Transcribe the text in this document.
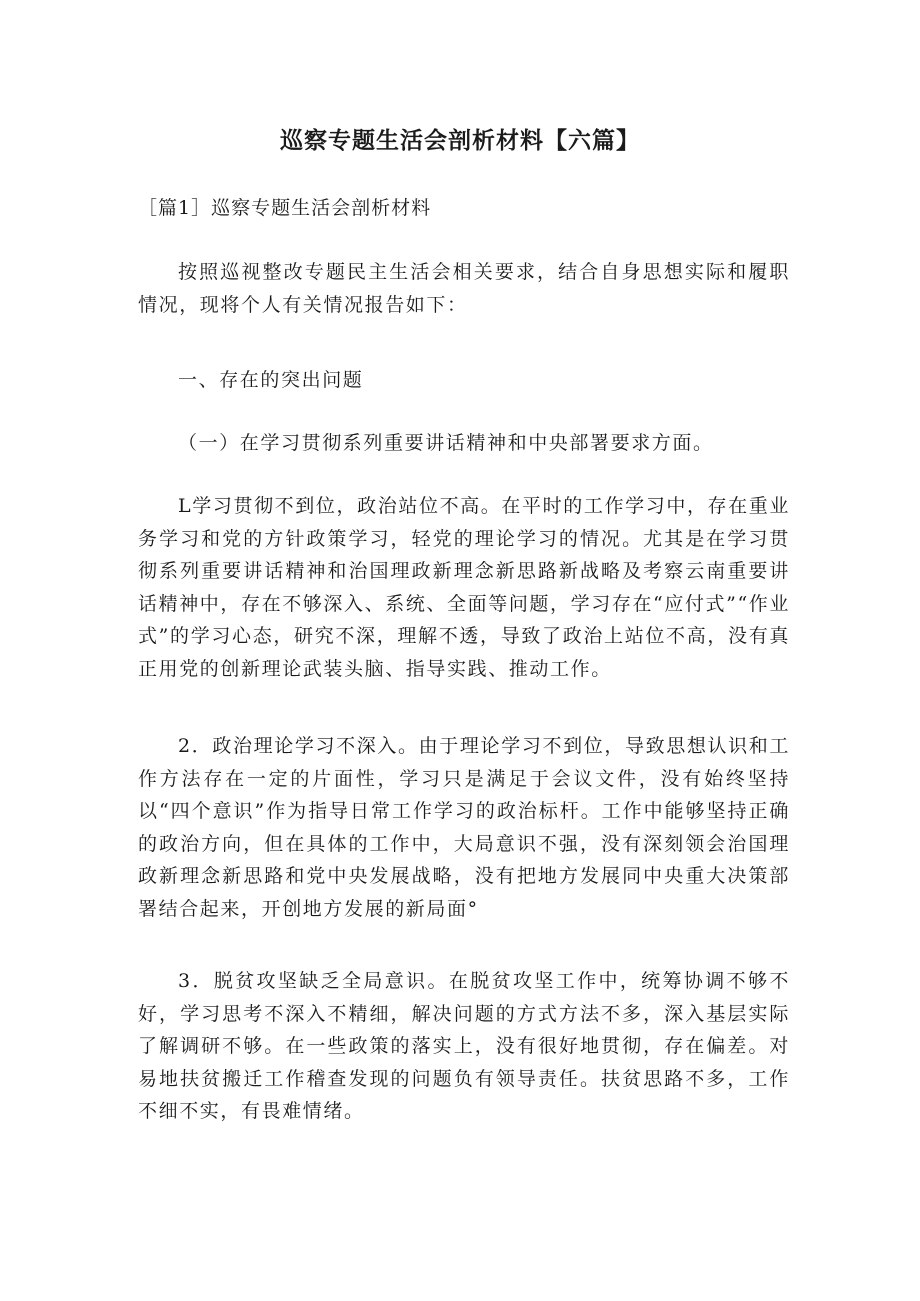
巡察专题生活会剖析材料【六篇】
［篇1］巡察专题生活会剖析材料
按照巡视整改专题民主生活会相关要求，结合自身思想实际和履职情况，现将个人有关情况报告如下：
一、存在的突出问题
（一）在学习贯彻系列重要讲话精神和中央部署要求方面。
L学习贯彻不到位，政治站位不高。在平时的工作学习中，存在重业务学习和党的方针政策学习，轻党的理论学习的情况。尤其是在学习贯彻系列重要讲话精神和治国理政新理念新思路新战略及考察云南重要讲话精神中，存在不够深入、系统、全面等问题，学习存在“应付式”“作业式”的学习心态，研究不深，理解不透，导致了政治上站位不高，没有真正用党的创新理论武装头脑、指导实践、推动工作。
2．政治理论学习不深入。由于理论学习不到位，导致思想认识和工作方法存在一定的片面性，学习只是满足于会议文件，没有始终坚持以“四个意识”作为指导日常工作学习的政治标杆。工作中能够坚持正确的政治方向，但在具体的工作中，大局意识不强，没有深刻领会治国理政新理念新思路和党中央发展战略，没有把地方发展同中央重大决策部署结合起来，开创地方发展的新局面°
3．脱贫攻坚缺乏全局意识。在脱贫攻坚工作中，统筹协调不够不好，学习思考不深入不精细，解决问题的方式方法不多，深入基层实际了解调研不够。在一些政策的落实上，没有很好地贯彻，存在偏差。对易地扶贫搬迁工作稽查发现的问题负有领导责任。扶贫思路不多，工作不细不实，有畏难情绪。
